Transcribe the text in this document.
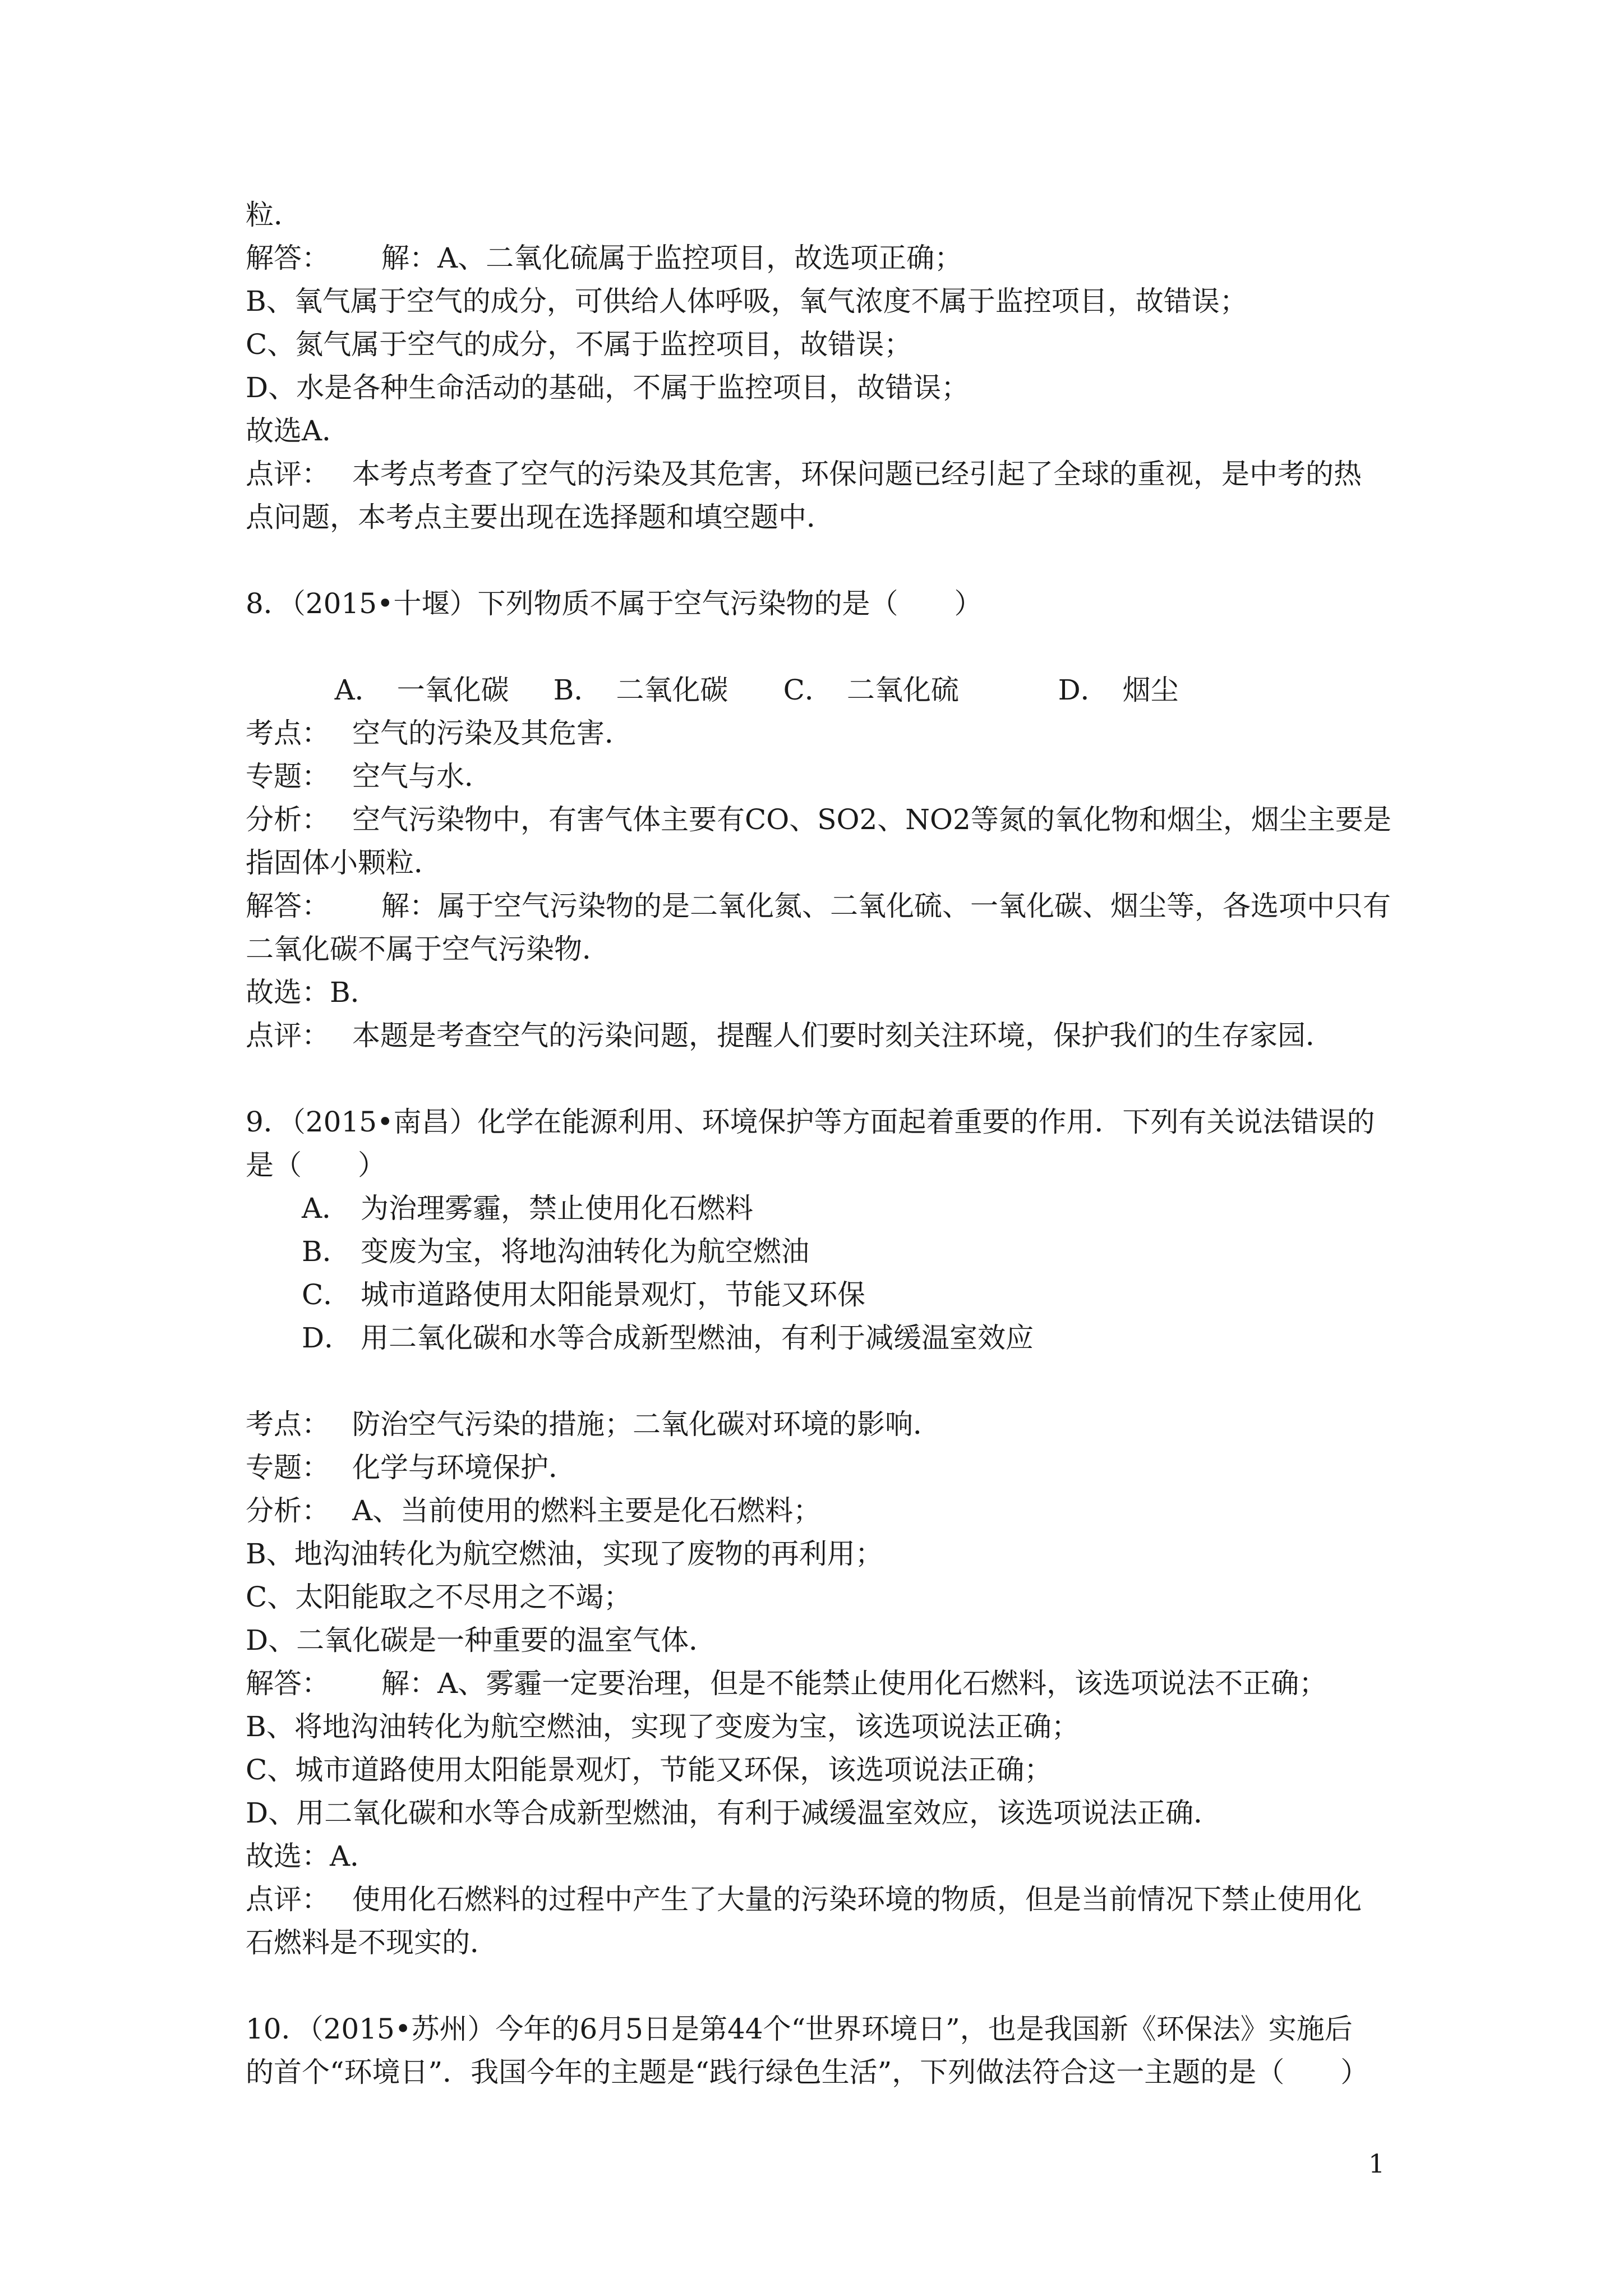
粒．
解答： 解：A、二氧化硫属于监控项目，故选项正确；
B、氧气属于空气的成分，可供给人体呼吸，氧气浓度不属于监控项目，故错误；
C、氮气属于空气的成分，不属于监控项目，故错误；
D、水是各种生命活动的基础，不属于监控项目，故错误；
故选A．
点评： 本考点考查了空气的污染及其危害，环保问题已经引起了全球的重视，是中考的热
点问题，本考点主要出现在选择题和填空题中．
8．（2015•十堰）下列物质不属于空气污染物的是（　　）

A．　一氧化碳 B．　二氧化碳 C．　二氧化硫	D．　烟尘

考点： 空气的污染及其危害．
专题： 空气与水．
分析： 空气污染物中，有害气体主要有CO、SO2、NO2等氮的氧化物和烟尘，烟尘主要是
指固体小颗粒．
解答： 解：属于空气污染物的是二氧化氮、二氧化硫、一氧化碳、烟尘等，各选项中只有
二氧化碳不属于空气污染物．
故选：B．
点评： 本题是考查空气的污染问题，提醒人们要时刻关注环境，保护我们的生存家园．
9．（2015•南昌）化学在能源利用、环境保护等方面起着重要的作用．下列有关说法错误的
是（　　）
A． 为治理雾霾，禁止使用化石燃料
B． 变废为宝，将地沟油转化为航空燃油
C． 城市道路使用太阳能景观灯，节能又环保
D． 用二氧化碳和水等合成新型燃油，有利于减缓温室效应
考点： 防治空气污染的措施；二氧化碳对环境的影响．
专题： 化学与环境保护．
分析： A、当前使用的燃料主要是化石燃料；
B、地沟油转化为航空燃油，实现了废物的再利用；
C、太阳能取之不尽用之不竭；
D、二氧化碳是一种重要的温室气体．
解答： 解：A、雾霾一定要治理，但是不能禁止使用化石燃料，该选项说法不正确；
B、将地沟油转化为航空燃油，实现了变废为宝，该选项说法正确；
C、城市道路使用太阳能景观灯，节能又环保，该选项说法正确；
D、用二氧化碳和水等合成新型燃油，有利于减缓温室效应，该选项说法正确．
故选：A．
点评： 使用化石燃料的过程中产生了大量的污染环境的物质，但是当前情况下禁止使用化
石燃料是不现实的．
10．（2015•苏州）今年的6月5日是第44个“世界环境日”，也是我国新《环保法》实施后
的首个“环境日”．我国今年的主题是“践行绿色生活”，下列做法符合这一主题的是（　　）
1
